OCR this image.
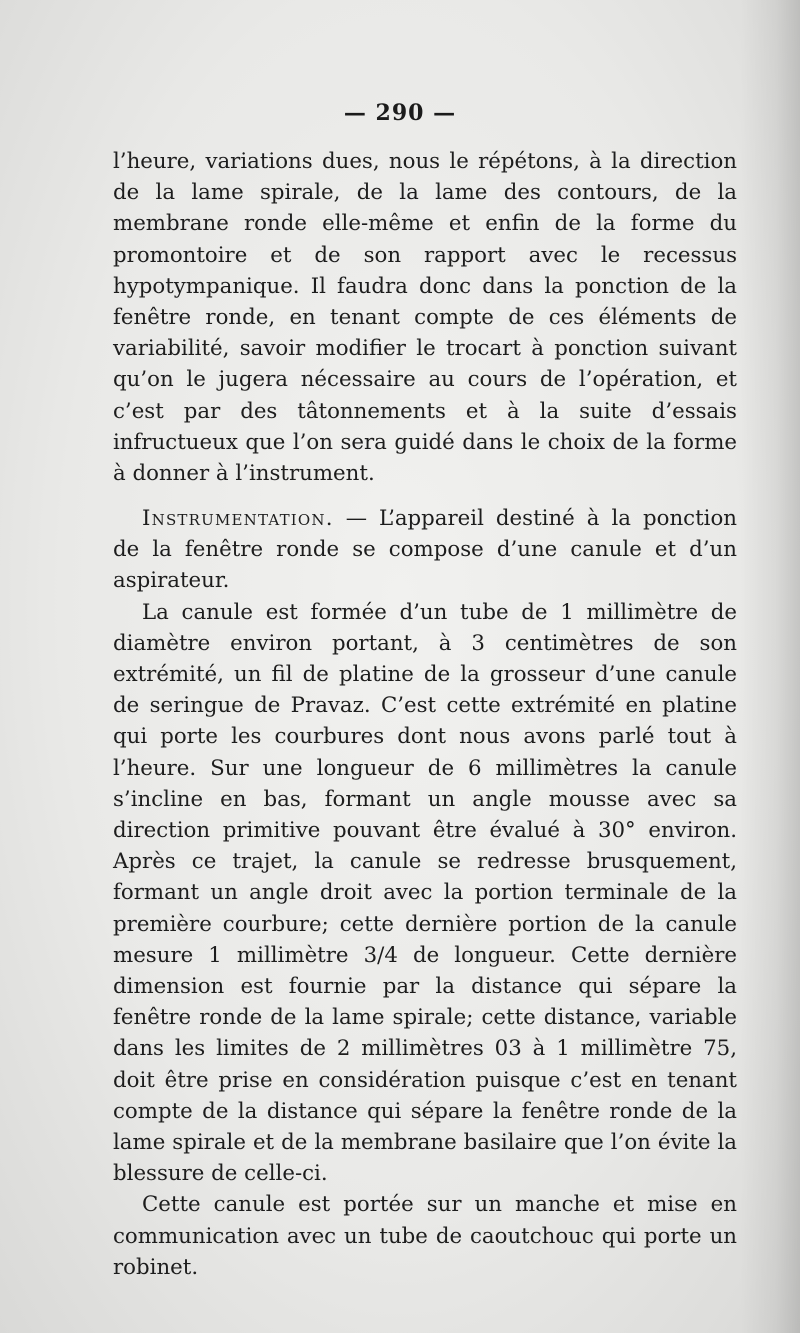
— 290 —

l’heure, variations dues, nous le répétons, à la direction de la lame spirale, de la lame des contours, de la membrane ronde elle-même et enfin de la forme du promontoire et de son rapport avec le recessus hypotympanique. Il faudra donc dans la ponction de la fenêtre ronde, en tenant compte de ces éléments de variabilité, savoir modifier le trocart à ponction suivant qu’on le jugera nécessaire au cours de l’opération, et c’est par des tâtonnements et à la suite d’essais infructueux que l’on sera guidé dans le choix de la forme à donner à l’instrument.

Instrumentation. — L’appareil destiné à la ponction de la fenêtre ronde se compose d’une canule et d’un aspirateur.

La canule est formée d’un tube de 1 millimètre de diamètre environ portant, à 3 centimètres de son extrémité, un fil de platine de la grosseur d’une canule de seringue de Pravaz. C’est cette extrémité en platine qui porte les courbures dont nous avons parlé tout à l’heure. Sur une longueur de 6 millimètres la canule s’incline en bas, formant un angle mousse avec sa direction primitive pouvant être évalué à 30° environ. Après ce trajet, la canule se redresse brusquement, formant un angle droit avec la portion terminale de la première courbure; cette dernière portion de la canule mesure 1 millimètre 3/4 de longueur. Cette dernière dimension est fournie par la distance qui sépare la fenêtre ronde de la lame spirale; cette distance, variable dans les limites de 2 millimètres 03 à 1 millimètre 75, doit être prise en considération puisque c’est en tenant compte de la distance qui sépare la fenêtre ronde de la lame spirale et de la membrane basilaire que l’on évite la blessure de celle-ci.

Cette canule est portée sur un manche et mise en communication avec un tube de caoutchouc qui porte un robinet.
